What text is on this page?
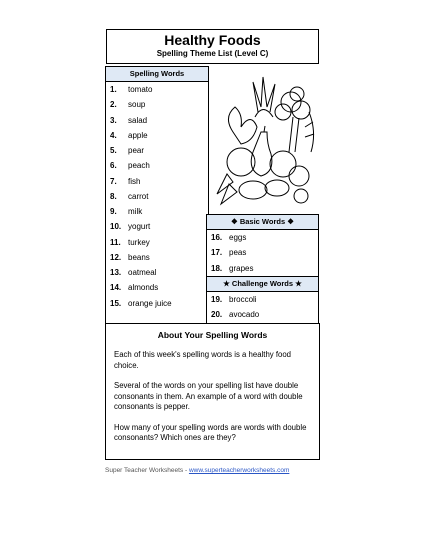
Healthy Foods
Spelling Theme List (Level C)
Spelling Words
1.	tomato
2.	soup
3.	salad
4.	apple
5.	pear
6.	peach
7.	fish
8.	carrot
9.	milk
10. yogurt
11. turkey
12. beans
13. oatmeal
14. almonds
15. orange juice
❖ Basic Words ❖
16. eggs
17. peas
18. grapes
★ Challenge Words ★
19. broccoli
20. avocado
About Your Spelling Words

Each of this week's spelling words is a healthy food choice.

Several of the words on your spelling list have double consonants in them. An example of a word with double consonants is pepper.

How many of your spelling words are words with double consonants? Which ones are they?

Super Teacher Worksheets - www.superteacherworksheets.com
